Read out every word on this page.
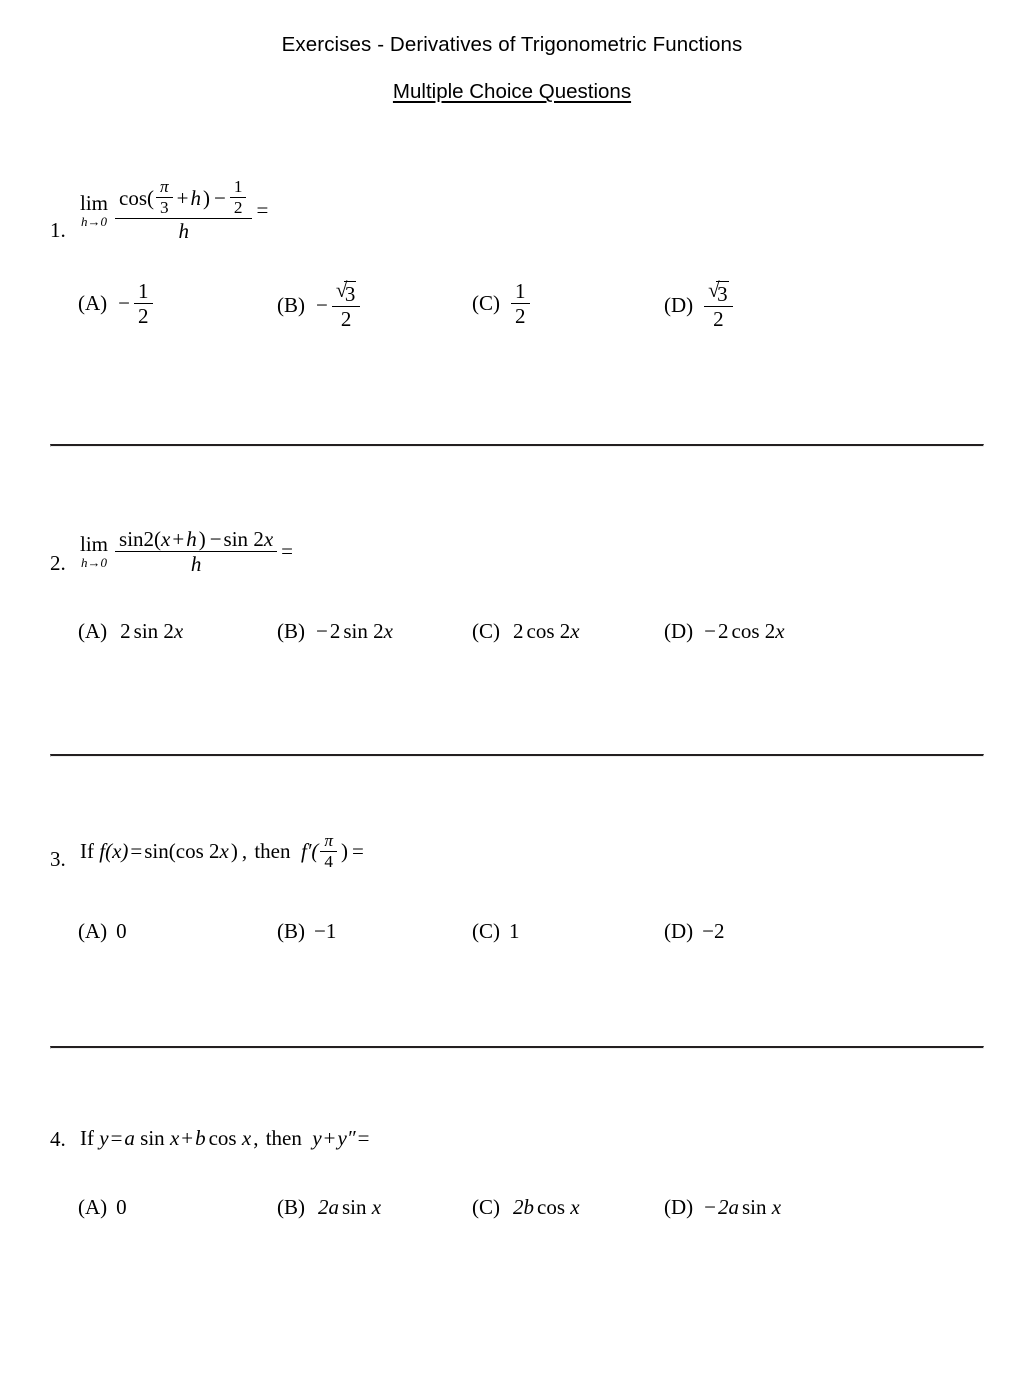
Exercises - Derivatives of Trigonometric Functions
Multiple Choice Questions
1.
lim
h→0
$\cos( \frac{\pi}{3} + h$ ) − $\frac{1}{2}$
h
=
$(A) - \frac{1}{2}$	(B) − √ $\frac{3}{2}$	$(C) \frac{1}{2}$	(D) √ $\frac{3}{2}$
2.
lim
$h\to 0 \frac{\sin 2(x+h) -\sin 2x}{h}$ =
(A) 2 sin 2x	(B) −2 sin 2x	(C) 2 cos 2x	(D) −2 cos 2x
3. If
f (x) = sin(cos
2 x ) ,
then
$f'( \frac{\pi}{4}$ ) =
(A) 0	(B) −1	(C) 1	(D) −2
4. If
y = a
sin
x + b cos
x ,
then
y + y″ =
(A) 0	(B) 2a sin x	(C) 2b cos x	(D) −2a sin x
